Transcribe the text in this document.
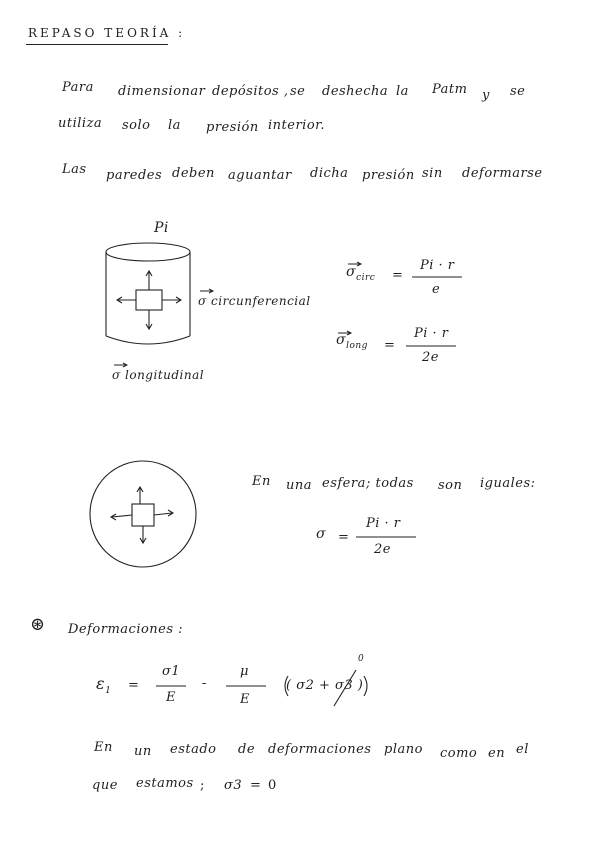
REPASO TEORÍA :
Para dimensionar depósitos , se deshecha la Patm y se
utiliza solo la presión interior.
Las paredes deben aguantar dicha presión sin deformarse
Pi
σ circunferencial
σ longitudinal
$\sigma_{circ}$ =
Pi · r
e
$\sigma_{long}$ =
Pi · r
2e
En una esfera ; todas son iguales:
σ =
Pi · r
2e
⊛ Deformaciones :
$\varepsilon_1$ =
σ1
E
-
μ
E
( σ2 + σ3 )
0
En un estado de deformaciones plano como en el
que estamos ; σ3 = 0
